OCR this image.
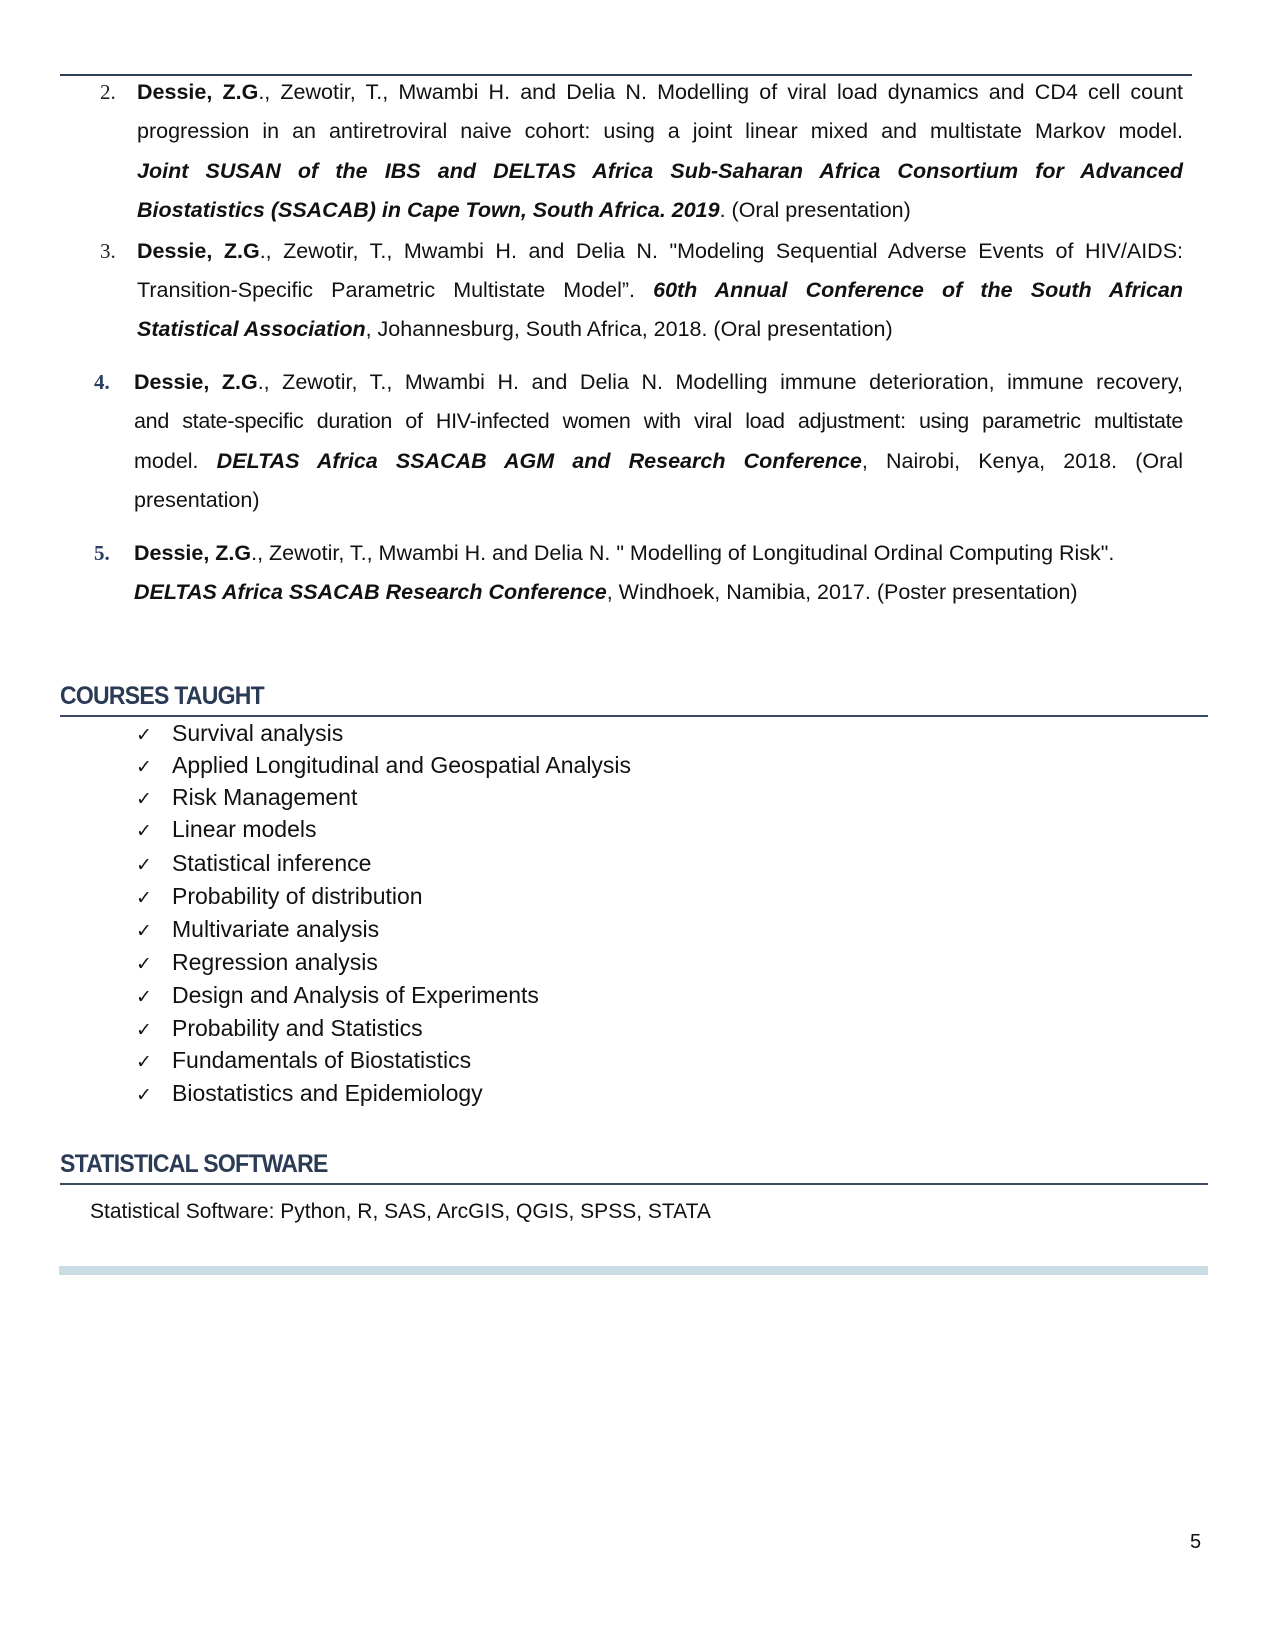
2. Dessie, Z.G., Zewotir, T., Mwambi H. and Delia N. Modelling of viral load dynamics and CD4 cell count
progression in an antiretroviral naive cohort: using a joint linear mixed and multistate Markov model.
Joint SUSAN of the IBS and DELTAS Africa Sub-Saharan Africa Consortium for Advanced
Biostatistics (SSACAB) in Cape Town, South Africa. 2019. (Oral presentation)
3. Dessie, Z.G., Zewotir, T., Mwambi H. and Delia N. "Modeling Sequential Adverse Events of HIV/AIDS:
Transition-Specific Parametric Multistate Model”. 60th Annual Conference of the South African
Statistical Association, Johannesburg, South Africa, 2018. (Oral presentation)
4. Dessie, Z.G., Zewotir, T., Mwambi H. and Delia N. Modelling immune deterioration, immune recovery,
and state-specific duration of HIV-infected women with viral load adjustment: using parametric multistate
model. DELTAS Africa SSACAB AGM and Research Conference, Nairobi, Kenya, 2018. (Oral
presentation)
5. Dessie, Z.G., Zewotir, T., Mwambi H. and Delia N. " Modelling of Longitudinal Ordinal Computing Risk".
DELTAS Africa SSACAB Research Conference, Windhoek, Namibia, 2017. (Poster presentation)
COURSES TAUGHT
✓ Survival analysis
✓ Applied Longitudinal and Geospatial Analysis
✓ Risk Management
✓ Linear models
✓ Statistical inference
✓ Probability of distribution
✓ Multivariate analysis
✓ Regression analysis
✓ Design and Analysis of Experiments
✓ Probability and Statistics
✓ Fundamentals of Biostatistics
✓ Biostatistics and Epidemiology
STATISTICAL SOFTWARE
Statistical Software: Python, R, SAS, ArcGIS, QGIS, SPSS, STATA
5
